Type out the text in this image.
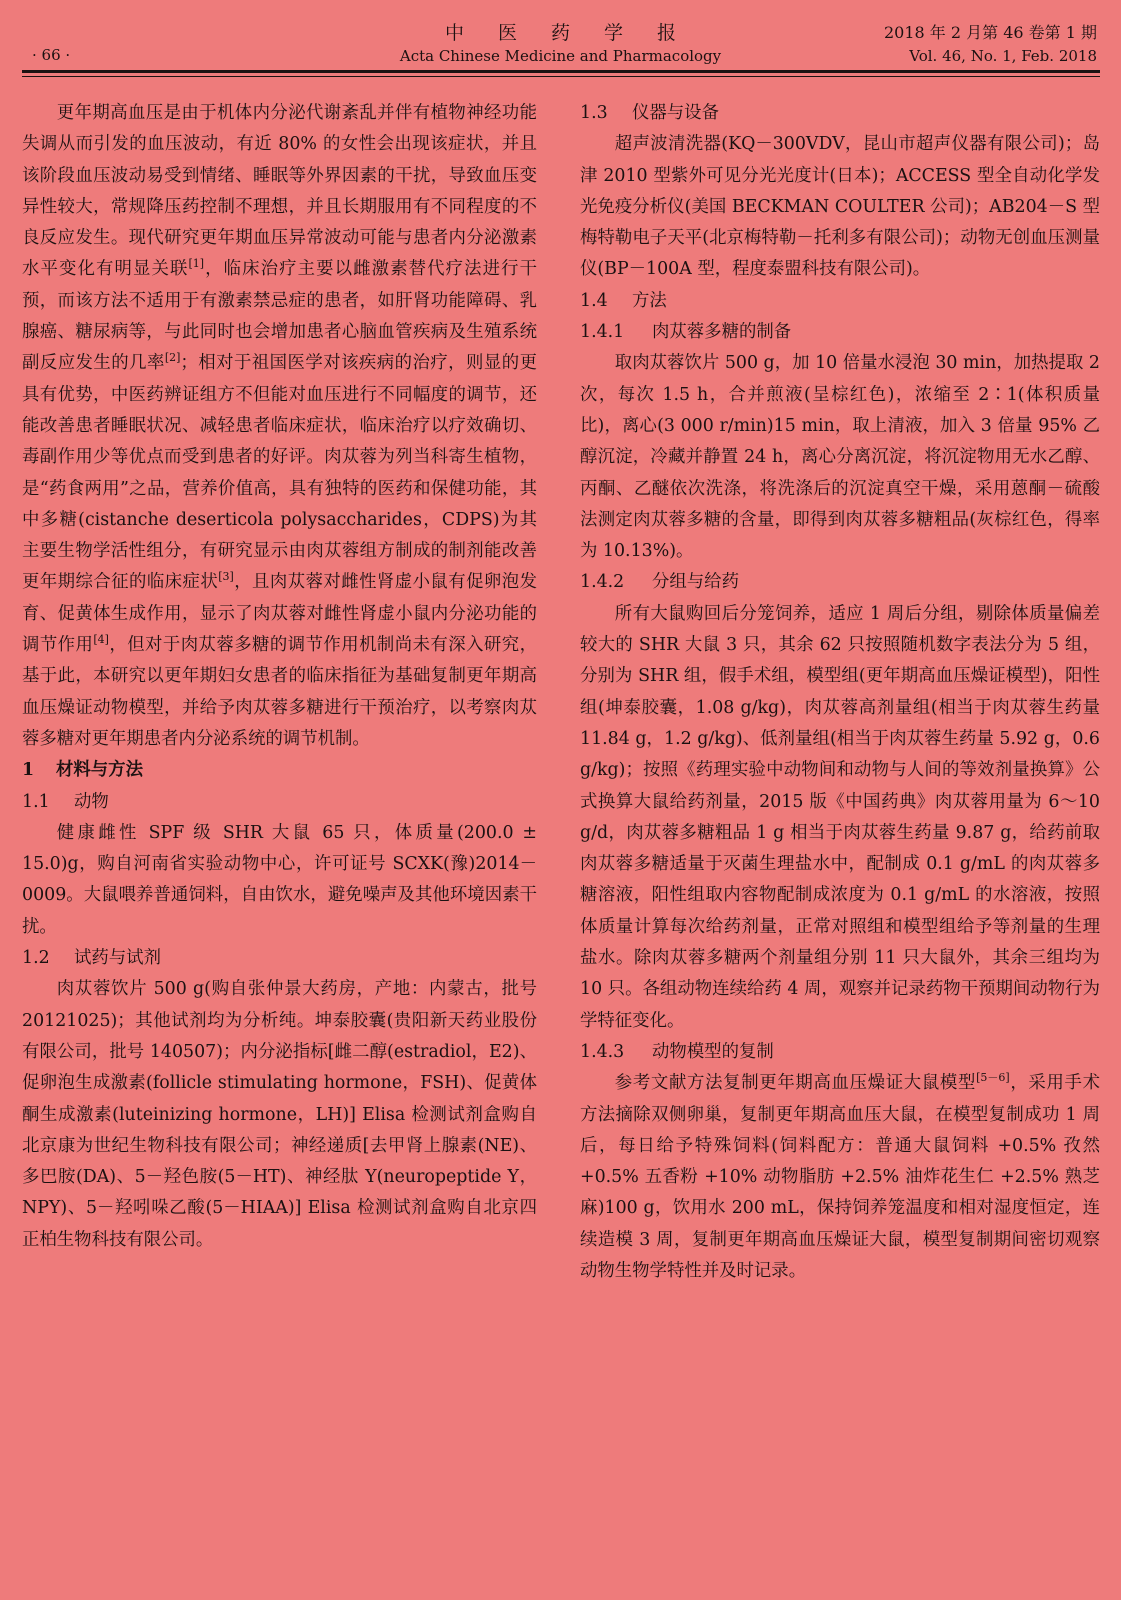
· 66 ·
中医药学报
Acta Chinese Medicine and Pharmacology
2018 年 2 月第 46 卷第 1 期
Vol. 46, No. 1, Feb. 2018

更年期高血压是由于机体内分泌代谢紊乱并伴有植物神经功能失调从而引发的血压波动，有近 80% 的女性会出现该症状，并且该阶段血压波动易受到情绪、睡眠等外界因素的干扰，导致血压变异性较大，常规降压药控制不理想，并且长期服用有不同程度的不良反应发生。现代研究更年期血压异常波动可能与患者内分泌激素水平变化有明显关联[1]，临床治疗主要以雌激素替代疗法进行干预，而该方法不适用于有激素禁忌症的患者，如肝肾功能障碍、乳腺癌、糖尿病等，与此同时也会增加患者心脑血管疾病及生殖系统副反应发生的几率[2]；相对于祖国医学对该疾病的治疗，则显的更具有优势，中医药辨证组方不但能对血压进行不同幅度的调节，还能改善患者睡眠状况、减轻患者临床症状，临床治疗以疗效确切、毒副作用少等优点而受到患者的好评。肉苁蓉为列当科寄生植物，是“药食两用”之品，营养价值高，具有独特的医药和保健功能，其中多糖(cistanche deserticola polysaccharides，CDPS)为其主要生物学活性组分，有研究显示由肉苁蓉组方制成的制剂能改善更年期综合征的临床症状[3]，且肉苁蓉对雌性肾虚小鼠有促卵泡发育、促黄体生成作用，显示了肉苁蓉对雌性肾虚小鼠内分泌功能的调节作用[4]，但对于肉苁蓉多糖的调节作用机制尚未有深入研究，基于此，本研究以更年期妇女患者的临床指征为基础复制更年期高血压燥证动物模型，并给予肉苁蓉多糖进行干预治疗，以考察肉苁蓉多糖对更年期患者内分泌系统的调节机制。

1 材料与方法
1.1 动物

健康雌性 SPF 级 SHR 大鼠 65 只，体质量(200.0 ± 15.0)g，购自河南省实验动物中心，许可证号 SCXK(豫)2014－0009。大鼠喂养普通饲料，自由饮水，避免噪声及其他环境因素干扰。

1.2 试药与试剂

肉苁蓉饮片 500 g(购自张仲景大药房，产地：内蒙古，批号 20121025)；其他试剂均为分析纯。坤泰胶囊(贵阳新天药业股份有限公司，批号 140507)；内分泌指标[雌二醇(estradiol，E2)、促卵泡生成激素(follicle stimulating hormone，FSH)、促黄体酮生成激素(luteinizing hormone，LH)] Elisa 检测试剂盒购自北京康为世纪生物科技有限公司；神经递质[去甲肾上腺素(NE)、多巴胺(DA)、5－羟色胺(5－HT)、神经肽 Y(neuropeptide Y，NPY)、5－羟吲哚乙酸(5－HIAA)] Elisa 检测试剂盒购自北京四正柏生物科技有限公司。

1.3 仪器与设备

超声波清洗器(KQ－300VDV，昆山市超声仪器有限公司)；岛津 2010 型紫外可见分光光度计(日本)；ACCESS 型全自动化学发光免疫分析仪(美国 BECKMAN COULTER 公司)；AB204－S 型梅特勒电子天平(北京梅特勒－托利多有限公司)；动物无创血压测量仪(BP－100A 型，程度泰盟科技有限公司)。

1.4 方法
1.4.1 肉苁蓉多糖的制备

取肉苁蓉饮片 500 g，加 10 倍量水浸泡 30 min，加热提取 2 次，每次 1.5 h，合并煎液(呈棕红色)，浓缩至 2∶1(体积质量比)，离心(3 000 r/min)15 min，取上清液，加入 3 倍量 95% 乙醇沉淀，冷藏并静置 24 h，离心分离沉淀，将沉淀物用无水乙醇、丙酮、乙醚依次洗涤，将洗涤后的沉淀真空干燥，采用蒽酮－硫酸法测定肉苁蓉多糖的含量，即得到肉苁蓉多糖粗品(灰棕红色，得率为 10.13%)。

1.4.2 分组与给药

所有大鼠购回后分笼饲养，适应 1 周后分组，剔除体质量偏差较大的 SHR 大鼠 3 只，其余 62 只按照随机数字表法分为 5 组，分别为 SHR 组，假手术组，模型组(更年期高血压燥证模型)，阳性组(坤泰胶囊，1.08 g/kg)，肉苁蓉高剂量组(相当于肉苁蓉生药量 11.84 g，1.2 g/kg)、低剂量组(相当于肉苁蓉生药量 5.92 g，0.6 g/kg)；按照《药理实验中动物间和动物与人间的等效剂量换算》公式换算大鼠给药剂量，2015 版《中国药典》肉苁蓉用量为 6～10 g/d，肉苁蓉多糖粗品 1 g 相当于肉苁蓉生药量 9.87 g，给药前取肉苁蓉多糖适量于灭菌生理盐水中，配制成 0.1 g/mL 的肉苁蓉多糖溶液，阳性组取内容物配制成浓度为 0.1 g/mL 的水溶液，按照体质量计算每次给药剂量，正常对照组和模型组给予等剂量的生理盐水。除肉苁蓉多糖两个剂量组分别 11 只大鼠外，其余三组均为 10 只。各组动物连续给药 4 周，观察并记录药物干预期间动物行为学特征变化。

1.4.3 动物模型的复制

参考文献方法复制更年期高血压燥证大鼠模型[5－6]，采用手术方法摘除双侧卵巢，复制更年期高血压大鼠，在模型复制成功 1 周后，每日给予特殊饲料(饲料配方：普通大鼠饲料 +0.5% 孜然 +0.5% 五香粉 +10% 动物脂肪 +2.5% 油炸花生仁 +2.5% 熟芝麻)100 g，饮用水 200 mL，保持饲养笼温度和相对湿度恒定，连续造模 3 周，复制更年期高血压燥证大鼠，模型复制期间密切观察动物生物学特性并及时记录。
